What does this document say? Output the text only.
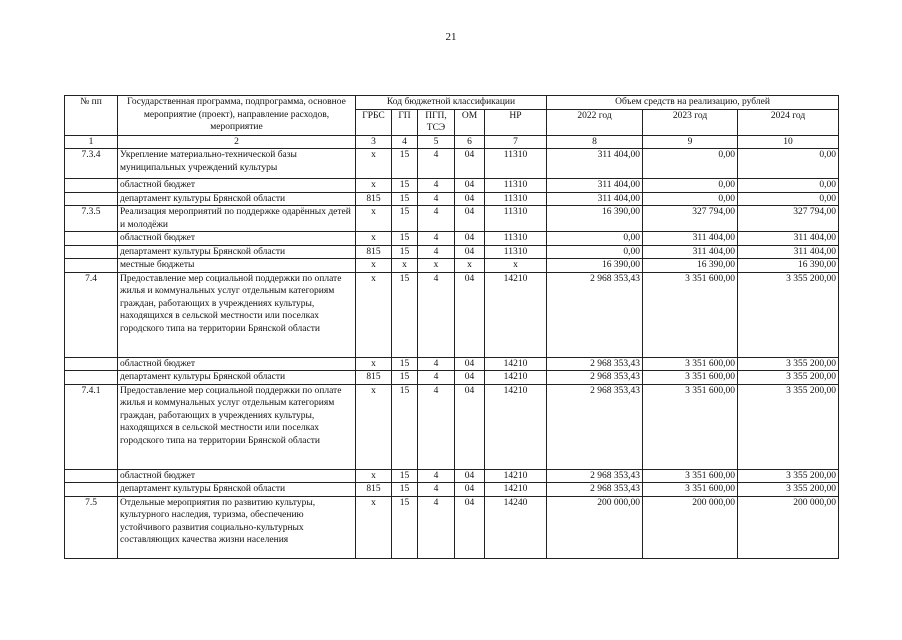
21
№ пп	Государственная программа, подпрограмма, основное мероприятие (проект), направление расходов, мероприятие	Код бюджетной классификации					Объем средств на реализацию, рублей		
		ГРБС	ГП	ПГП, ТСЭ	ОМ	НР	2022 год	2023 год	2024 год
1	2	3	4	5	6	7	8	9	10
7.3.4	Укрепление материально-технической базы муниципальных учреждений культуры	х	15	4	04	11310	311 404,00	0,00	0,00
	областной бюджет	х	15	4	04	11310	311 404,00	0,00	0,00
	департамент культуры Брянской области	815	15	4	04	11310	311 404,00	0,00	0,00
7.3.5	Реализация мероприятий по поддержке одарённых детей и молодёжи	х	15	4	04	11310	16 390,00	327 794,00	327 794,00
	областной бюджет	х	15	4	04	11310	0,00	311 404,00	311 404,00
	департамент культуры Брянской области	815	15	4	04	11310	0,00	311 404,00	311 404,00
	местные бюджеты	х	х	х	х	х	16 390,00	16 390,00	16 390,00
7.4	Предоставление мер социальной поддержки по оплате жилья и коммунальных услуг отдельным категориям граждан, работающих в учреждениях культуры, находящихся в сельской местности или поселках городского типа на территории Брянской области	х	15	4	04	14210	2 968 353,43	3 351 600,00	3 355 200,00
	областной бюджет	х	15	4	04	14210	2 968 353,43	3 351 600,00	3 355 200,00
	департамент культуры Брянской области	815	15	4	04	14210	2 968 353,43	3 351 600,00	3 355 200,00
7.4.1	Предоставление мер социальной поддержки по оплате жилья и коммунальных услуг отдельным категориям граждан, работающих в учреждениях культуры, находящихся в сельской местности или поселках городского типа на территории Брянской области	х	15	4	04	14210	2 968 353,43	3 351 600,00	3 355 200,00
	областной бюджет	х	15	4	04	14210	2 968 353,43	3 351 600,00	3 355 200,00
	департамент культуры Брянской области	815	15	4	04	14210	2 968 353,43	3 351 600,00	3 355 200,00
7.5	Отдельные мероприятия по развитию культуры, культурного наследия, туризма, обеспечению устойчивого развития социально-культурных составляющих качества жизни населения	х	15	4	04	14240	200 000,00	200 000,00	200 000,00
